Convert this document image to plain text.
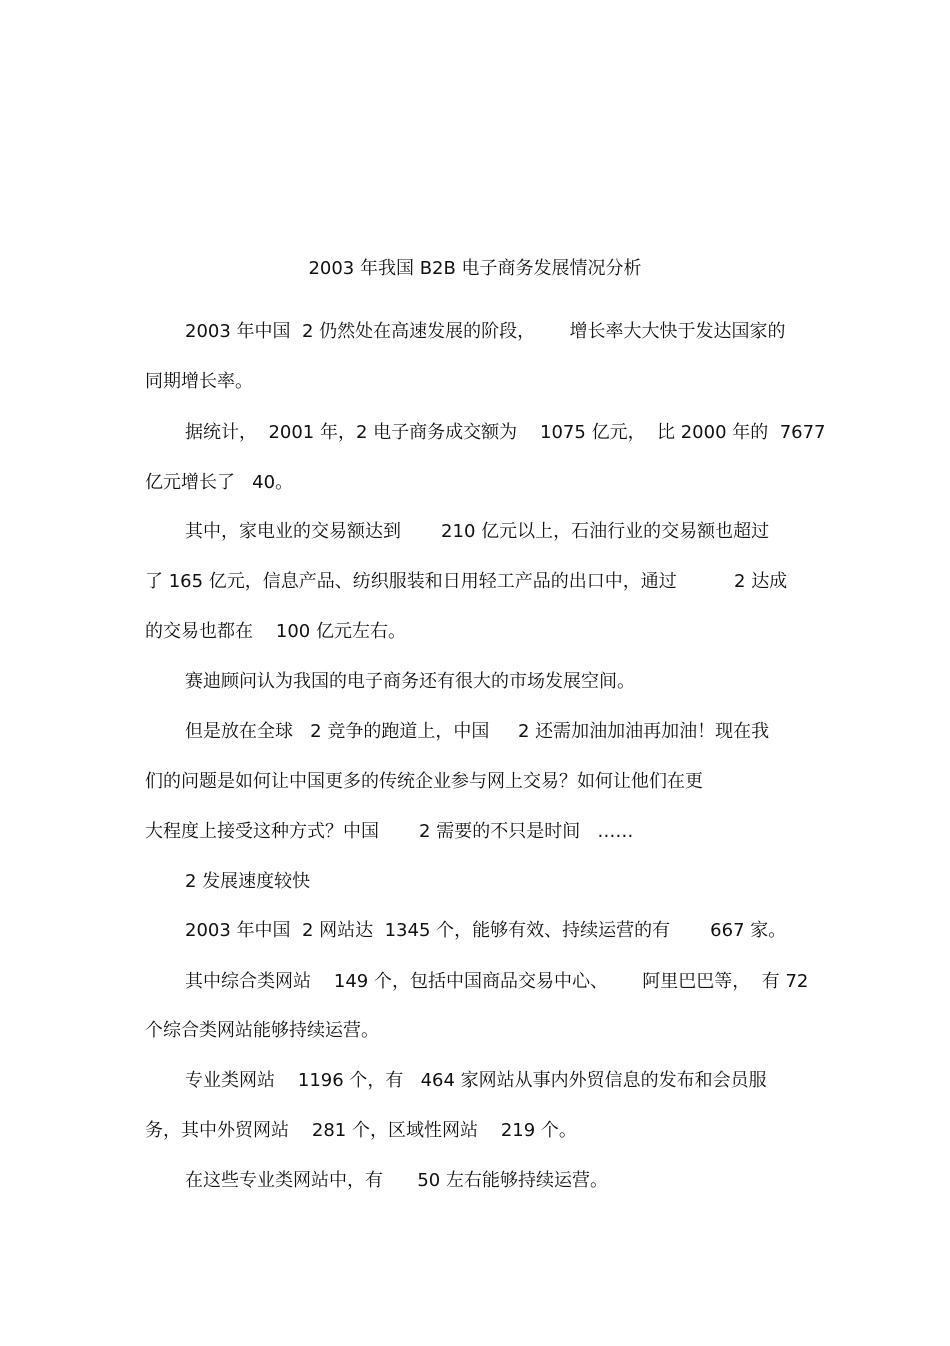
2003 年我国 B2B 电子商务发展情况分析
2003 年中国  2 仍然处在高速发展的阶段，      增长率大大快于发达国家的
同期增长率。
据统计，  2001 年，2 电子商务成交额为    1075 亿元，  比 2000 年的  7677
亿元增长了   40。
其中，家电业的交易额达到       210 亿元以上，石油行业的交易额也超过
了 165 亿元，信息产品、纺织服装和日用轻工产品的出口中，通过          2 达成
的交易也都在    100 亿元左右。
赛迪顾问认为我国的电子商务还有很大的市场发展空间。
但是放在全球   2 竞争的跑道上，中国     2 还需加油加油再加油！现在我
们的问题是如何让中国更多的传统企业参与网上交易？如何让他们在更
大程度上接受这种方式？中国       2 需要的不只是时间   ……
2 发展速度较快
2003 年中国  2 网站达  1345 个，能够有效、持续运营的有       667 家。
其中综合类网站    149 个，包括中国商品交易中心、      阿里巴巴等，  有 72
个综合类网站能够持续运营。
专业类网站    1196 个，有   464 家网站从事内外贸信息的发布和会员服
务，其中外贸网站    281 个，区域性网站    219 个。
在这些专业类网站中，有      50 左右能够持续运营。
